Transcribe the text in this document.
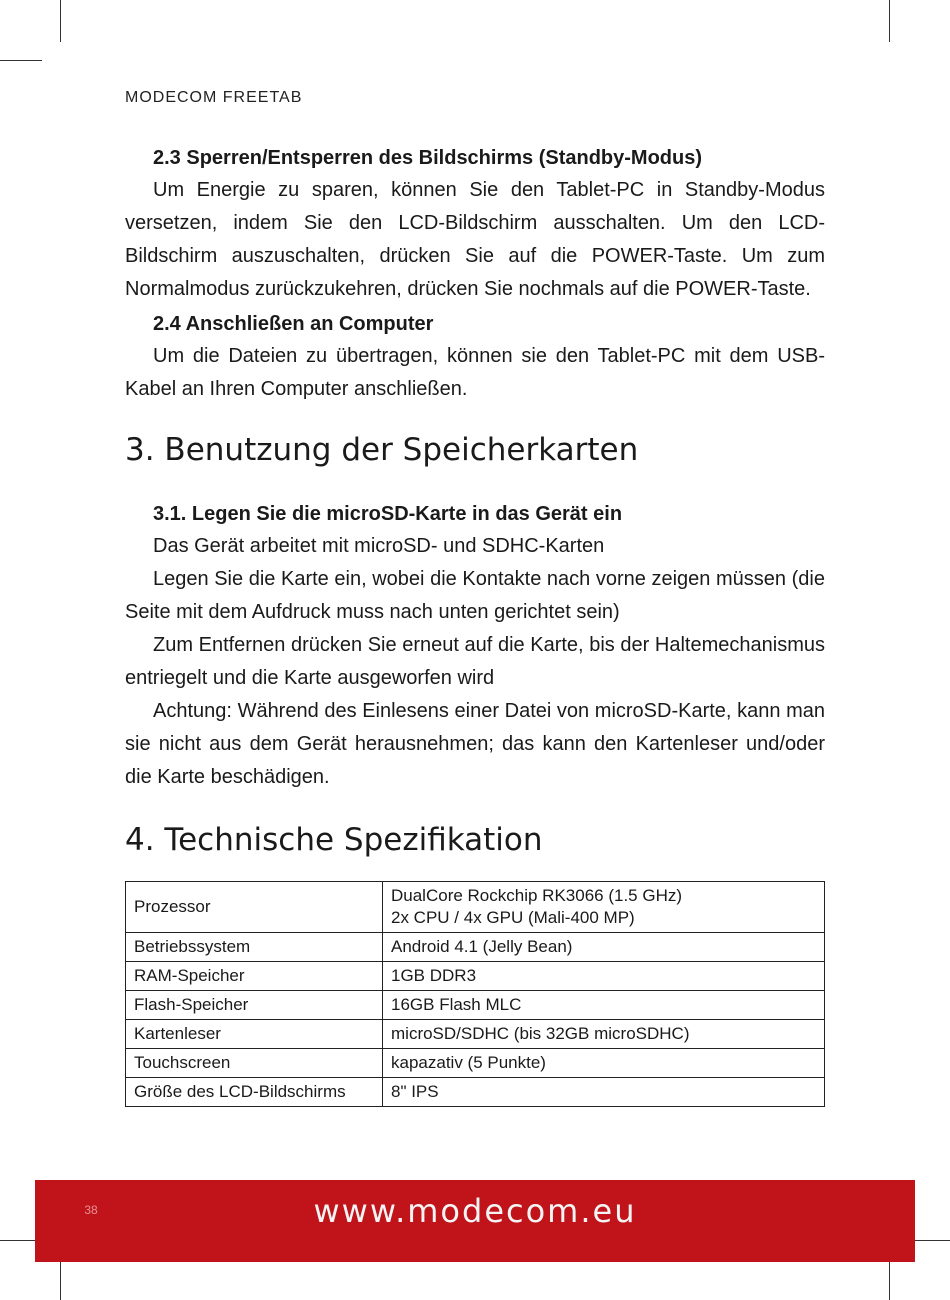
MODECOM FREETAB

2.3 Sperren/Entsperren des Bildschirms (Standby-Modus)

Um Energie zu sparen, können Sie den Tablet-PC in Standby-Modus versetzen, indem Sie den LCD-Bildschirm ausschalten. Um den LCD-Bildschirm auszuschalten, drücken Sie auf die POWER-Taste. Um zum Normalmodus zurückzukehren, drücken Sie nochmals auf die POWER-Taste.

2.4 Anschließen an Computer

Um die Dateien zu übertragen, können sie den Tablet-PC mit dem USB-Kabel an Ihren Computer anschließen.

3. Benutzung der Speicherkarten

3.1. Legen Sie die microSD-Karte in das Gerät ein

Das Gerät arbeitet mit microSD- und SDHC-Karten

Legen Sie die Karte ein, wobei die Kontakte nach vorne zeigen müssen (die Seite mit dem Aufdruck muss nach unten gerichtet sein)

Zum Entfernen drücken Sie erneut auf die Karte, bis der Haltemechanismus entriegelt und die Karte ausgeworfen wird

Achtung: Während des Einlesens einer Datei von microSD-Karte, kann man sie nicht aus dem Gerät herausnehmen; das kann den Kartenleser und/oder die Karte beschädigen.

4. Technische Spezifikation
Prozessor	DualCore Rockchip RK3066 (1.5 GHz)
2x CPU / 4x GPU (Mali-400 MP)

Betriebssystem	Android 4.1 (Jelly Bean)
RAM-Speicher	1GB DDR3
Flash-Speicher	16GB Flash MLC
Kartenleser	microSD/SDHC (bis 32GB microSDHC)
Touchscreen	kapazativ (5 Punkte)
Größe des LCD-Bildschirms	8" IPS
38	www.modecom.eu
